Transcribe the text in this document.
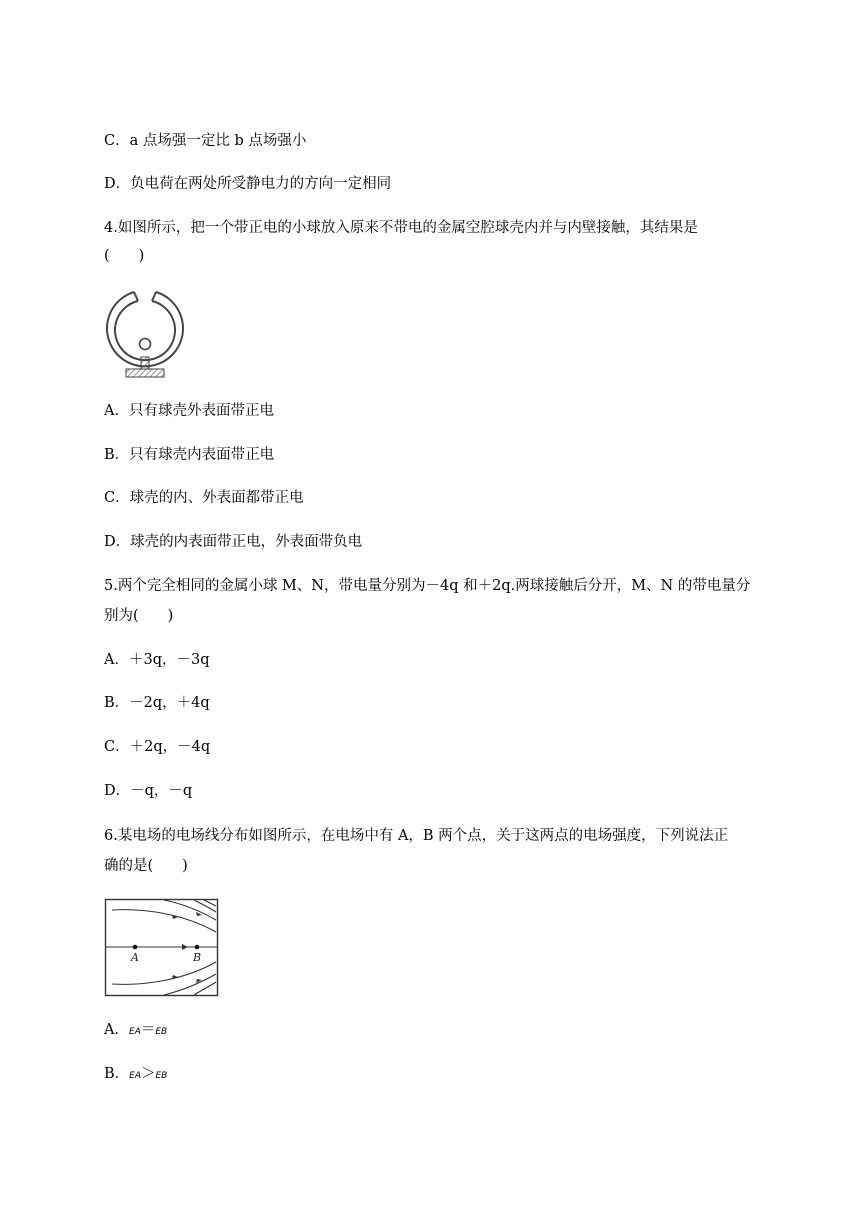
C．a 点场强一定比 b 点场强小
D．负电荷在两处所受静电力的方向一定相同
4.如图所示，把一个带正电的小球放入原来不带电的金属空腔球壳内并与内壁接触，其结果是
(　　)
A．只有球壳外表面带正电
B．只有球壳内表面带正电
C．球壳的内、外表面都带正电
D．球壳的内表面带正电，外表面带负电
5.两个完全相同的金属小球 M、N，带电量分别为－4q 和＋2q.两球接触后分开，M、N 的带电量分
别为(　　)
A．＋3q，－3q
B．－2q，＋4q
C．＋2q，－4q
D．－q，－q
6.某电场的电场线分布如图所示，在电场中有 A，B 两个点，关于这两点的电场强度，下列说法正
确的是(　　)
A	B
A．EA＝EB
B．EA＞EB
